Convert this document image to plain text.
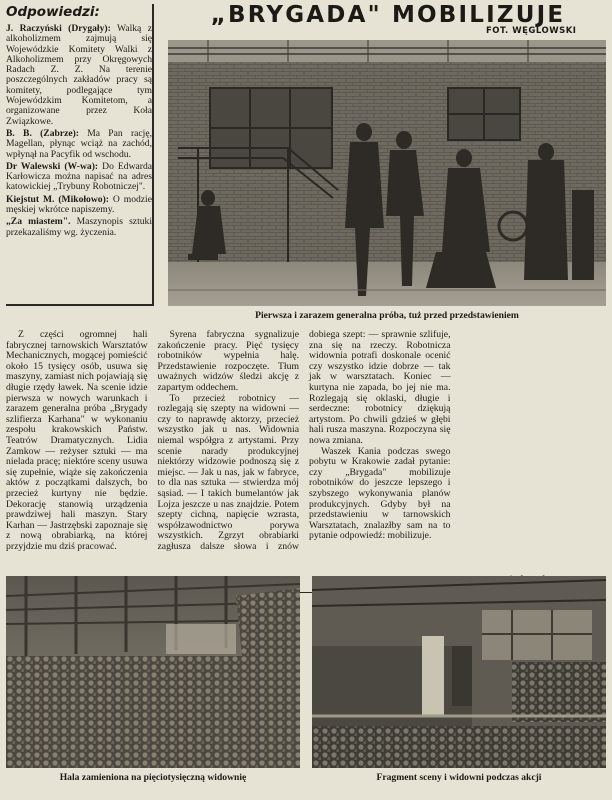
Odpowiedzi:

J. Raczyński (Drygały): Walką z alkoholizmem zajmują się Wojewódzkie Komitety Walki z Alkoholizmem przy Okręgowych Radach Z. Z. Na terenie poszczególnych zakładów pracy są komitety, podlegające tym Wojewódzkim Komitetom, a organizowane przez Koła Związkowe.

B. B. (Zabrze): Ma Pan rację, Magellan, płynąc wciąż na zachód, wpłynął na Pacyfik od wschodu.

Dr Walewski (W-wa): Do Edwarda Karłowicza można napisać na adres katowickiej „Trybuny Robotniczej".

Kiejstut M. (Mikołowo): O modzie męskiej wkrótce napiszemy.

„Za miastem". Maszynopis sztuki przekazaliśmy wg. życzenia.

„BRYGADA" MOBILIZUJE
FOT. WĘGLOWSKI
Pierwsza i zarazem generalna próba, tuż przed przedstawieniem

Z części ogromnej hali fabrycznej tarnowskich Warsztatów Mechanicznych, mogącej pomieścić około 15 tysięcy osób, usuwa się maszyny, zamiast nich pojawiają się długie rzędy ławek. Na scenie idzie pierwsza w nowych warunkach i zarazem generalna próba „Brygady szlifierza Karhana" w wykonaniu zespołu krakowskich Państw. Teatrów Dramatycznych. Lidia Zamkow — reżyser sztuki — ma nielada pracę; niektóre sceny usuwa się zupełnie, wiąże się zakończenia aktów z początkami dalszych, bo przecież kurtyny nie będzie. Dekorację stanowią urządzenia prawdziwej hali maszyn. Stary Karhan — Jastrzębski zapoznaje się z nową obrabiarką, na której przyjdzie mu dziś pracować.

Syrena fabryczna sygnalizuje zakończenie pracy. Pięć tysięcy robotników wypełnia halę. Przedstawienie rozpoczęte. Tłum uważnych widzów śledzi akcję z zapartym oddechem.

To przecież robotnicy — rozlegają się szepty na widowni — czy to naprawdę aktorzy, przecież wszystko jak u nas. Widownia niemal współgra z artystami. Przy scenie narady produkcyjnej niektórzy widzowie podnoszą się z miejsc. — Jak u nas, jak w fabryce, to dla nas sztuka — stwierdza mój sąsiad. — I takich bumelantów jak Lojza jeszcze u nas znajdzie. Potem szepty cichną, napięcie wzrasta, współzawodnictwo porywa wszystkich. Zgrzyt obrabiarki zagłusza dalsze słowa i znów dobiega szept: — sprawnie szlifuje, zna się na rzeczy. Robotnicza widownia potrafi doskonale ocenić czy wszystko idzie dobrze — tak jak w warsztatach. Koniec — kurtyna nie zapada, bo jej nie ma. Rozlegają się oklaski, długie i serdeczne: robotnicy dziękują artystom. Po chwili gdzieś w głębi hali rusza maszyna. Rozpoczyna się nowa zmiana.

Waszek Kania podczas swego pobytu w Krakowie zadał pytanie: czy „Brygada" mobilizuje robotników do jeszcze lepszego i szybszego wykonywania planów produkcyjnych. Gdyby był na przedstawieniu w tarnowskich Warsztatach, znalazłby sam na to pytanie odpowiedź: mobilizuje.

Hala zamieniona na pięciotysięczną widownię	Fragment sceny i widowni podczas akcji
